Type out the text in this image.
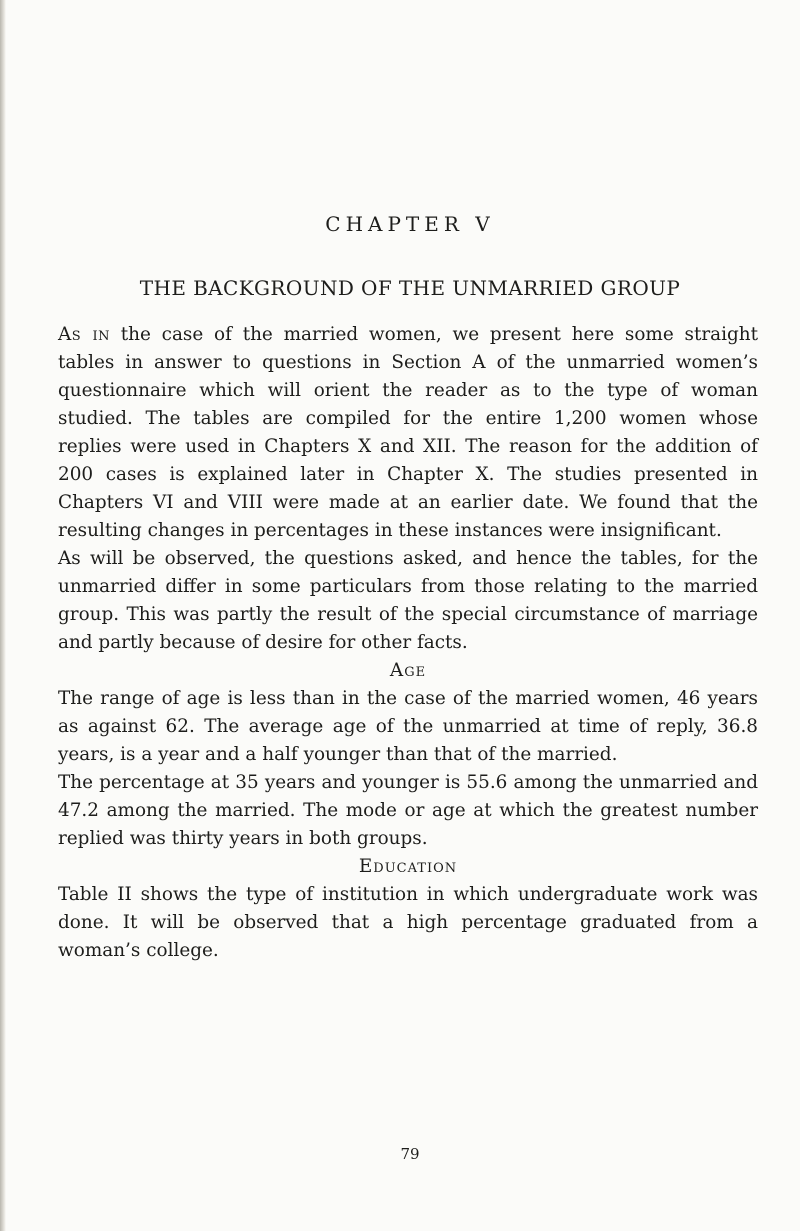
CHAPTER V
THE BACKGROUND OF THE UNMARRIED GROUP

As in the case of the married women, we present here some straight tables in answer to questions in Section A of the unmarried women’s questionnaire which will orient the reader as to the type of woman studied. The tables are compiled for the entire 1,200 women whose replies were used in Chapters X and XII. The reason for the addition of 200 cases is explained later in Chapter X. The studies presented in Chapters VI and VIII were made at an earlier date. We found that the resulting changes in percentages in these instances were insignificant.

As will be observed, the questions asked, and hence the tables, for the unmarried differ in some particulars from those relating to the married group. This was partly the result of the special circumstance of marriage and partly because of desire for other facts.

Age

The range of age is less than in the case of the married women, 46 years as against 62. The average age of the unmarried at time of reply, 36.8 years, is a year and a half younger than that of the married.

The percentage at 35 years and younger is 55.6 among the unmarried and 47.2 among the married. The mode or age at which the greatest number replied was thirty years in both groups.

Education

Table II shows the type of institution in which undergraduate work was done. It will be observed that a high percentage graduated from a woman’s college.

79
